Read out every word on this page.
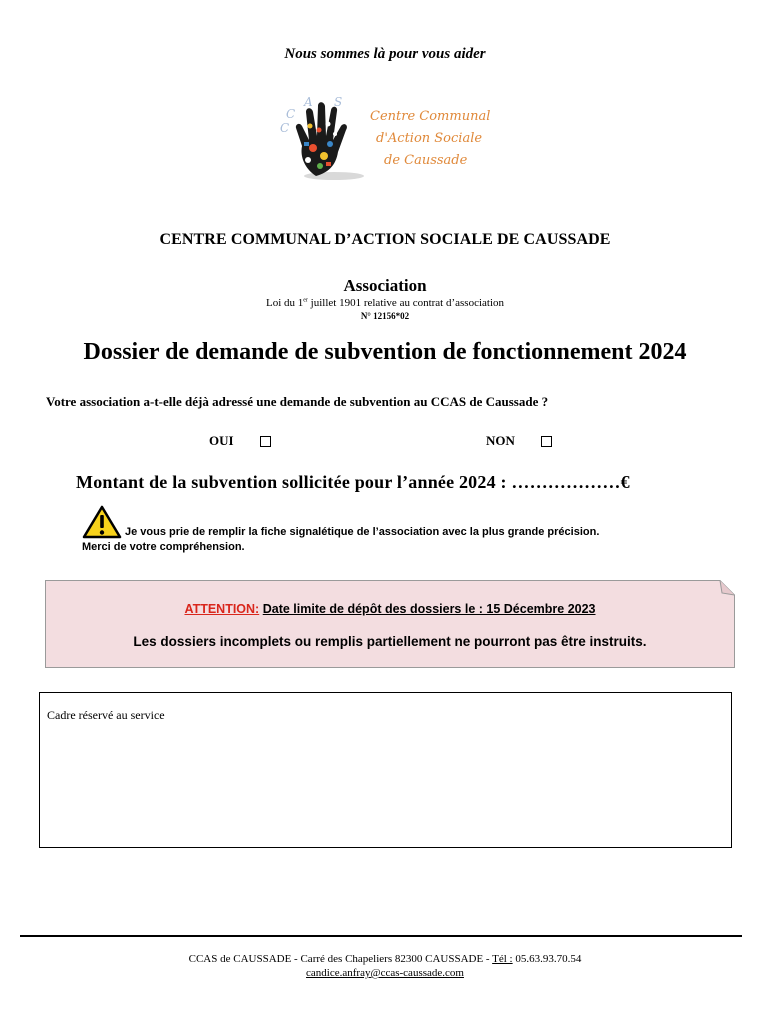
Nous sommes là pour vous aider
A S
C
C
Centre Communal
d'Action Sociale
de Caussade
CENTRE COMMUNAL D’ACTION SOCIALE DE CAUSSADE
Association
Loi du 1er juillet 1901 relative au contrat d’association
N° 12156*02
Dossier de demande de subvention de fonctionnement 2024
Votre association a-t-elle déjà adressé une demande de subvention au CCAS de Caussade ?
OUI	NON
Montant de la subvention sollicitée pour l’année 2024 : ………………€
Je vous prie de remplir la fiche signalétique de l’association avec la plus grande précision.
Merci de votre compréhension.
ATTENTION: Date limite de dépôt des dossiers le : 15 Décembre 2023
Les dossiers incomplets ou remplis partiellement ne pourront pas être instruits.
Cadre réservé au service
CCAS de CAUSSADE - Carré des Chapeliers 82300 CAUSSADE - Tél : 05.63.93.70.54
candice.anfray@ccas-caussade.com
